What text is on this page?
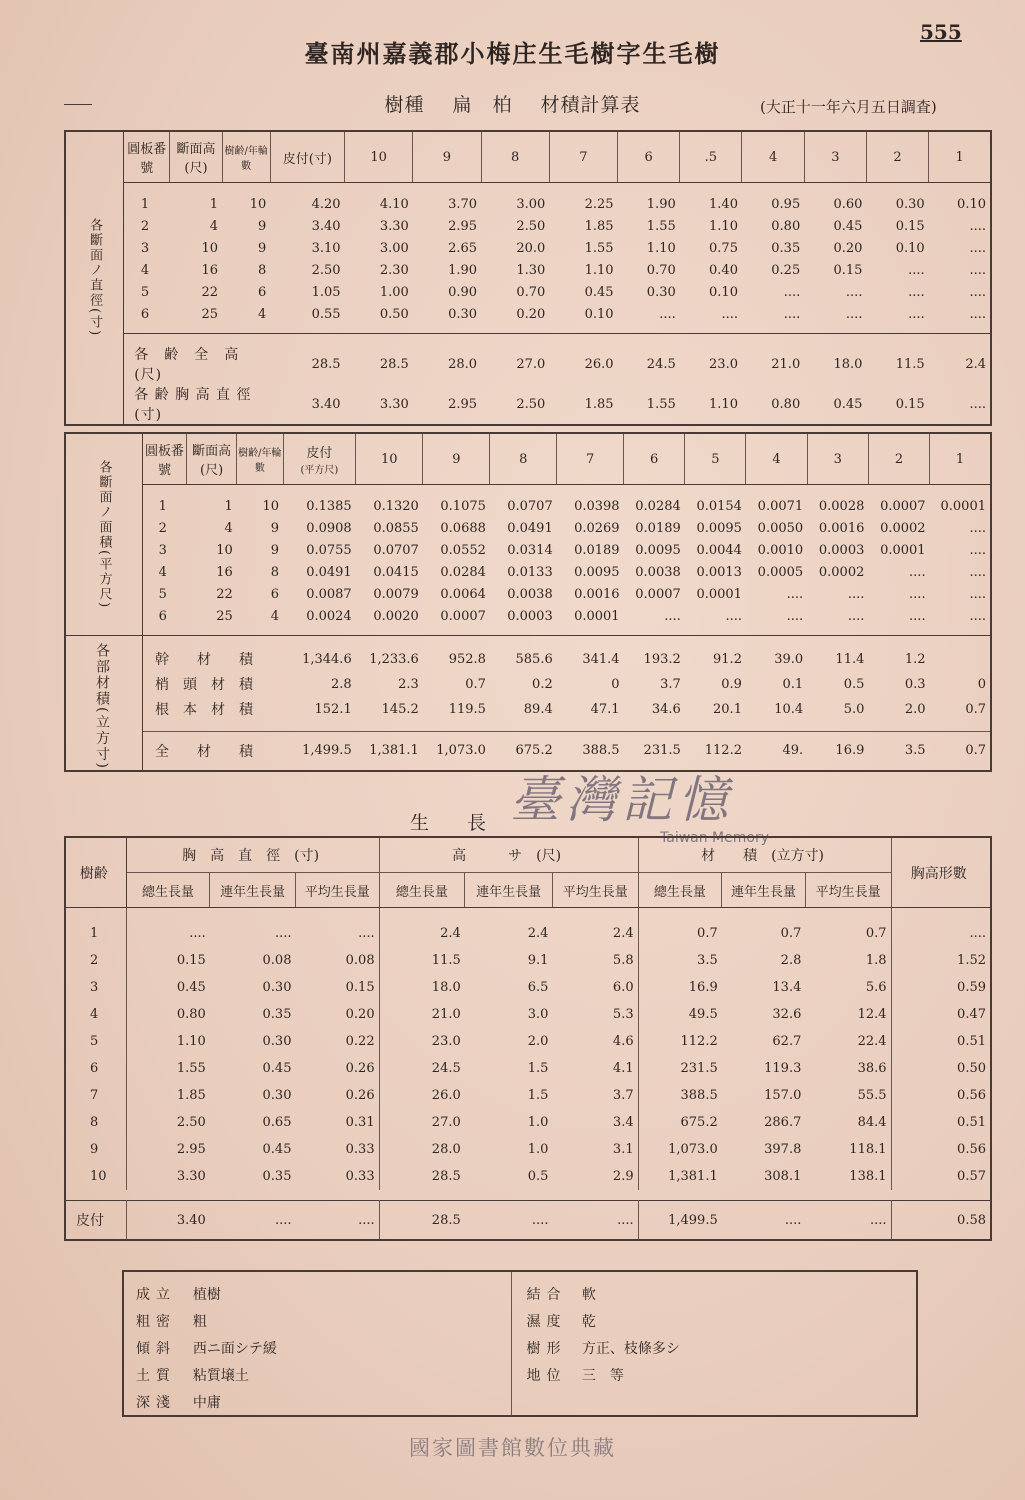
555
臺南州嘉義郡小梅庄生毛樹字生毛樹
樹種 扁　柏 材積計算表	(大正十一年六月五日調査)
各斷面ノ直徑(寸)	圓板番號	斷面高(尺)	樹齢/年輪數	皮付(寸)	10	9	8	7	6	.5	4	3	2	1
	1	1	10	4.20	4.10	3.70	3.00	2.25	1.90	1.40	0.95	0.60	0.30	0.10
	2	4	9	3.40	3.30	2.95	2.50	1.85	1.55	1.10	0.80	0.45	0.15	....
	3	10	9	3.10	3.00	2.65	20.0	1.55	1.10	0.75	0.35	0.20	0.10	....
	4	16	8	2.50	2.30	1.90	1.30	1.10	0.70	0.40	0.25	0.15	....	....
	5	22	6	1.05	1.00	0.90	0.70	0.45	0.30	0.10	....	....	....	....
	6	25	4	0.55	0.50	0.30	0.20	0.10	....	....	....	....	....	....

	各　齢　全　高　(尺)			28.5	28.5	28.0	27.0	26.0	24.5	23.0	21.0	18.0	11.5	2.4
	各 齢 胸 高 直 徑　(寸)			3.40	3.30	2.95	2.50	1.85	1.55	1.10	0.80	0.45	0.15	....
各斷面ノ面積(平方尺)	圓板番號	斷面高(尺)	樹齢/年輪數	皮付
(平方尺)	10	9	8	7	6	5	4	3	2	1
	1	1	10	0.1385	0.1320	0.1075	0.0707	0.0398	0.0284	0.0154	0.0071	0.0028	0.0007	0.0001
	2	4	9	0.0908	0.0855	0.0688	0.0491	0.0269	0.0189	0.0095	0.0050	0.0016	0.0002	....
	3	10	9	0.0755	0.0707	0.0552	0.0314	0.0189	0.0095	0.0044	0.0010	0.0003	0.0001	....
	4	16	8	0.0491	0.0415	0.0284	0.0133	0.0095	0.0038	0.0013	0.0005	0.0002	....	....
	5	22	6	0.0087	0.0079	0.0064	0.0038	0.0016	0.0007	0.0001	....	....	....	....
	6	25	4	0.0024	0.0020	0.0007	0.0003	0.0001	....	....	....	....	....	....

各部材積(立方寸)	幹　　材　　積			1,344.6	1,233.6	952.8	585.6	341.4	193.2	91.2	39.0	11.4	1.2	
	梢　頭　材　積			2.8	2.3	0.7	0.2	0	3.7	0.9	0.1	0.5	0.3	0
	根　本　材　積			152.1	145.2	119.5	89.4	47.1	34.6	20.1	10.4	5.0	2.0	0.7

	全　　材　　積			1,499.5	1,381.1	1,073.0	675.2	388.5	231.5	112.2	49.	16.9	3.5	0.7
生　　長 臺灣記憶
Taiwan Memory
樹齢	胸　高　直　徑　(寸)			高　　　サ　(尺)			材　　積　(立方寸)			胸高形數
	總生長量	連年生長量	平均生長量	總生長量	連年生長量	平均生長量	總生長量	連年生長量	平均生長量	
1	....	....	....	2.4	2.4	2.4	0.7	0.7	0.7	....
2	0.15	0.08	0.08	11.5	9.1	5.8	3.5	2.8	1.8	1.52
3	0.45	0.30	0.15	18.0	6.5	6.0	16.9	13.4	5.6	0.59
4	0.80	0.35	0.20	21.0	3.0	5.3	49.5	32.6	12.4	0.47
5	1.10	0.30	0.22	23.0	2.0	4.6	112.2	62.7	22.4	0.51
6	1.55	0.45	0.26	24.5	1.5	4.1	231.5	119.3	38.6	0.50
7	1.85	0.30	0.26	26.0	1.5	3.7	388.5	157.0	55.5	0.56
8	2.50	0.65	0.31	27.0	1.0	3.4	675.2	286.7	84.4	0.51
9	2.95	0.45	0.33	28.0	1.0	3.1	1,073.0	397.8	118.1	0.56
10	3.30	0.35	0.33	28.5	0.5	2.9	1,381.1	308.1	138.1	0.57

皮付	3.40	....	....	28.5	....	....	1,499.5	....	....	0.58
成立	植樹	結合	軟
粗密	粗	濕度	乾
傾斜	西ニ面シテ緩	樹形	方正、枝條多シ
土質	粘質壌土	地位	三　等
深淺	中庸		
國家圖書館數位典藏
